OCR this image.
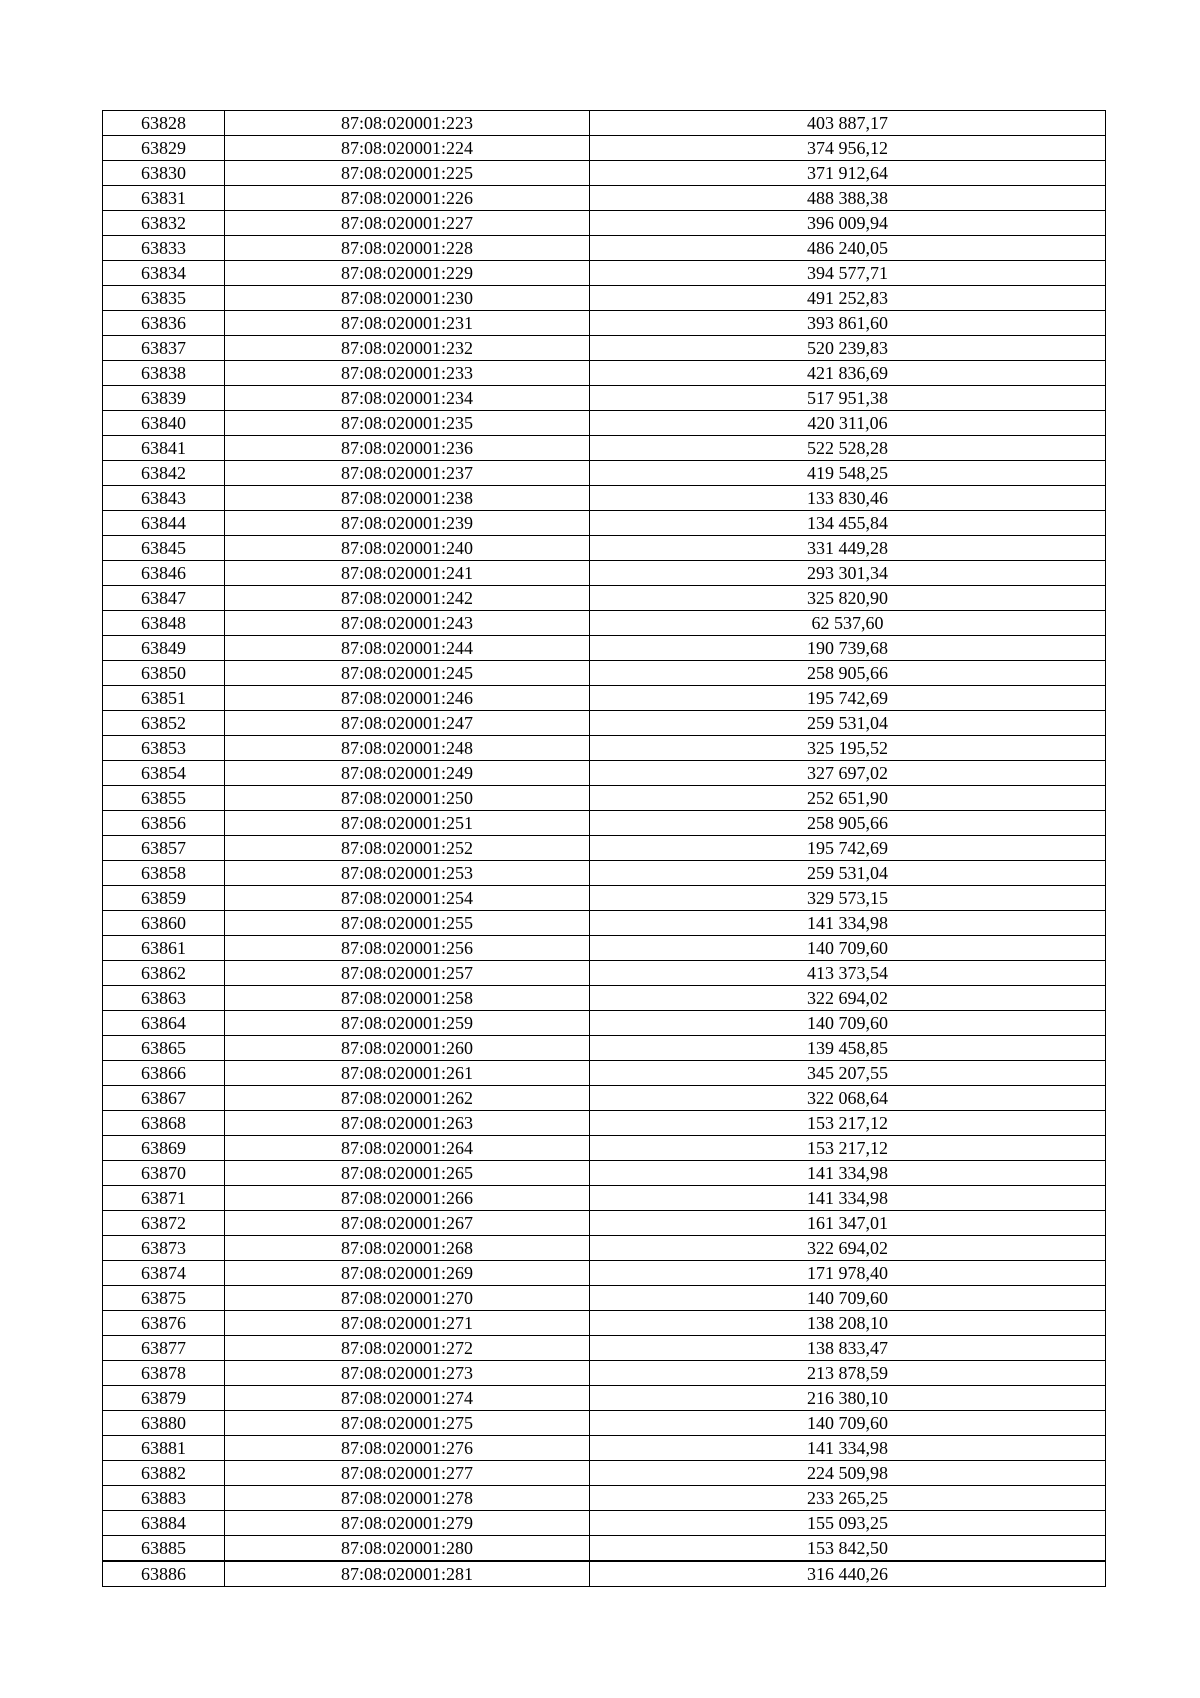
63828	87:08:020001:223	403 887,17
63829	87:08:020001:224	374 956,12
63830	87:08:020001:225	371 912,64
63831	87:08:020001:226	488 388,38
63832	87:08:020001:227	396 009,94
63833	87:08:020001:228	486 240,05
63834	87:08:020001:229	394 577,71
63835	87:08:020001:230	491 252,83
63836	87:08:020001:231	393 861,60
63837	87:08:020001:232	520 239,83
63838	87:08:020001:233	421 836,69
63839	87:08:020001:234	517 951,38
63840	87:08:020001:235	420 311,06
63841	87:08:020001:236	522 528,28
63842	87:08:020001:237	419 548,25
63843	87:08:020001:238	133 830,46
63844	87:08:020001:239	134 455,84
63845	87:08:020001:240	331 449,28
63846	87:08:020001:241	293 301,34
63847	87:08:020001:242	325 820,90
63848	87:08:020001:243	62 537,60
63849	87:08:020001:244	190 739,68
63850	87:08:020001:245	258 905,66
63851	87:08:020001:246	195 742,69
63852	87:08:020001:247	259 531,04
63853	87:08:020001:248	325 195,52
63854	87:08:020001:249	327 697,02
63855	87:08:020001:250	252 651,90
63856	87:08:020001:251	258 905,66
63857	87:08:020001:252	195 742,69
63858	87:08:020001:253	259 531,04
63859	87:08:020001:254	329 573,15
63860	87:08:020001:255	141 334,98
63861	87:08:020001:256	140 709,60
63862	87:08:020001:257	413 373,54
63863	87:08:020001:258	322 694,02
63864	87:08:020001:259	140 709,60
63865	87:08:020001:260	139 458,85
63866	87:08:020001:261	345 207,55
63867	87:08:020001:262	322 068,64
63868	87:08:020001:263	153 217,12
63869	87:08:020001:264	153 217,12
63870	87:08:020001:265	141 334,98
63871	87:08:020001:266	141 334,98
63872	87:08:020001:267	161 347,01
63873	87:08:020001:268	322 694,02
63874	87:08:020001:269	171 978,40
63875	87:08:020001:270	140 709,60
63876	87:08:020001:271	138 208,10
63877	87:08:020001:272	138 833,47
63878	87:08:020001:273	213 878,59
63879	87:08:020001:274	216 380,10
63880	87:08:020001:275	140 709,60
63881	87:08:020001:276	141 334,98
63882	87:08:020001:277	224 509,98
63883	87:08:020001:278	233 265,25
63884	87:08:020001:279	155 093,25
63885	87:08:020001:280	153 842,50
63886	87:08:020001:281	316 440,26
